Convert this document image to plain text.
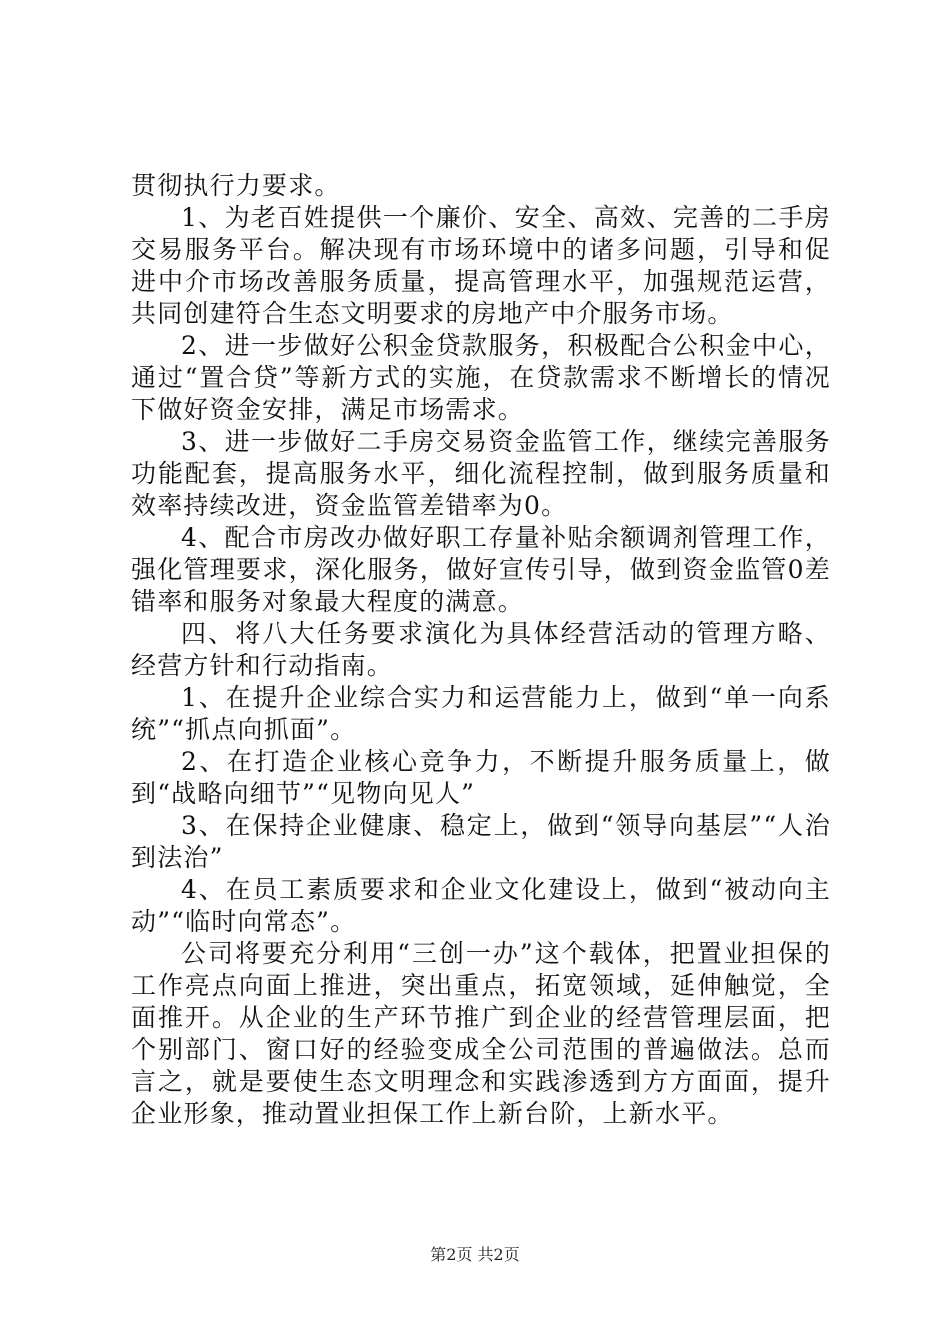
贯彻执行力要求。

1、为老百姓提供一个廉价、安全、高效、完善的二手房交易服务平台。解决现有市场环境中的诸多问题，引导和促进中介市场改善服务质量，提高管理水平，加强规范运营，共同创建符合生态文明要求的房地产中介服务市场。

2、进一步做好公积金贷款服务，积极配合公积金中心，通过“置合贷”等新方式的实施，在贷款需求不断增长的情况下做好资金安排，满足市场需求。

3、进一步做好二手房交易资金监管工作，继续完善服务功能配套，提高服务水平，细化流程控制，做到服务质量和效率持续改进，资金监管差错率为0。

4、配合市房改办做好职工存量补贴余额调剂管理工作，强化管理要求，深化服务，做好宣传引导，做到资金监管0差错率和服务对象最大程度的满意。

四、将八大任务要求演化为具体经营活动的管理方略、经营方针和行动指南。

1、在提升企业综合实力和运营能力上，做到“单一向系统”“抓点向抓面”。

2、在打造企业核心竞争力，不断提升服务质量上，做到“战略向细节”“见物向见人”

3、在保持企业健康、稳定上，做到“领导向基层”“人治到法治”

4、在员工素质要求和企业文化建设上，做到“被动向主动”“临时向常态”。

公司将要充分利用“三创一办”这个载体，把置业担保的工作亮点向面上推进，突出重点，拓宽领域，延伸触觉，全面推开。从企业的生产环节推广到企业的经营管理层面，把个别部门、窗口好的经验变成全公司范围的普遍做法。总而言之，就是要使生态文明理念和实践渗透到方方面面，提升企业形象，推动置业担保工作上新台阶，上新水平。

第2页 共2页
